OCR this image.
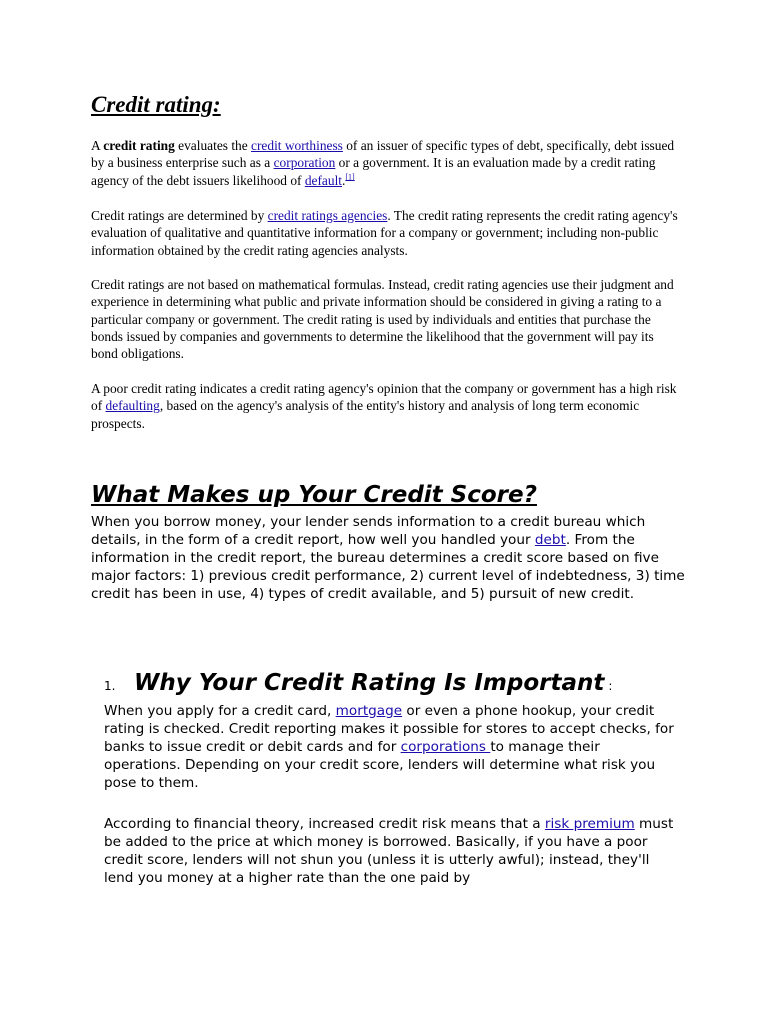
Credit rating:

A credit rating evaluates the credit worthiness of an issuer of specific types of debt, specifically, debt issued by a business enterprise such as a corporation or a government. It is an evaluation made by a credit rating agency of the debt issuers likelihood of default.[1]

Credit ratings are determined by credit ratings agencies. The credit rating represents the credit rating agency's evaluation of qualitative and quantitative information for a company or government; including non-public information obtained by the credit rating agencies analysts.

Credit ratings are not based on mathematical formulas. Instead, credit rating agencies use their judgment and experience in determining what public and private information should be considered in giving a rating to a particular company or government. The credit rating is used by individuals and entities that purchase the bonds issued by companies and governments to determine the likelihood that the government will pay its bond obligations.

A poor credit rating indicates a credit rating agency's opinion that the company or government has a high risk of defaulting, based on the agency's analysis of the entity's history and analysis of long term economic prospects.

What Makes up Your Credit Score?

When you borrow money, your lender sends information to a credit bureau which details, in the form of a credit report, how well you handled your debt. From the information in the credit report, the bureau determines a credit score based on five major factors: 1) previous credit performance, 2) current level of indebtedness, 3) time credit has been in use, 4) types of credit available, and 5) pursuit of new credit.

1. Why Your Credit Rating Is Important :

When you apply for a credit card, mortgage or even a phone hookup, your credit rating is checked. Credit reporting makes it possible for stores to accept checks, for banks to issue credit or debit cards and for corporations to manage their operations. Depending on your credit score, lenders will determine what risk you pose to them.

According to financial theory, increased credit risk means that a risk premium must be added to the price at which money is borrowed. Basically, if you have a poor credit score, lenders will not shun you (unless it is utterly awful); instead, they'll lend you money at a higher rate than the one paid by
